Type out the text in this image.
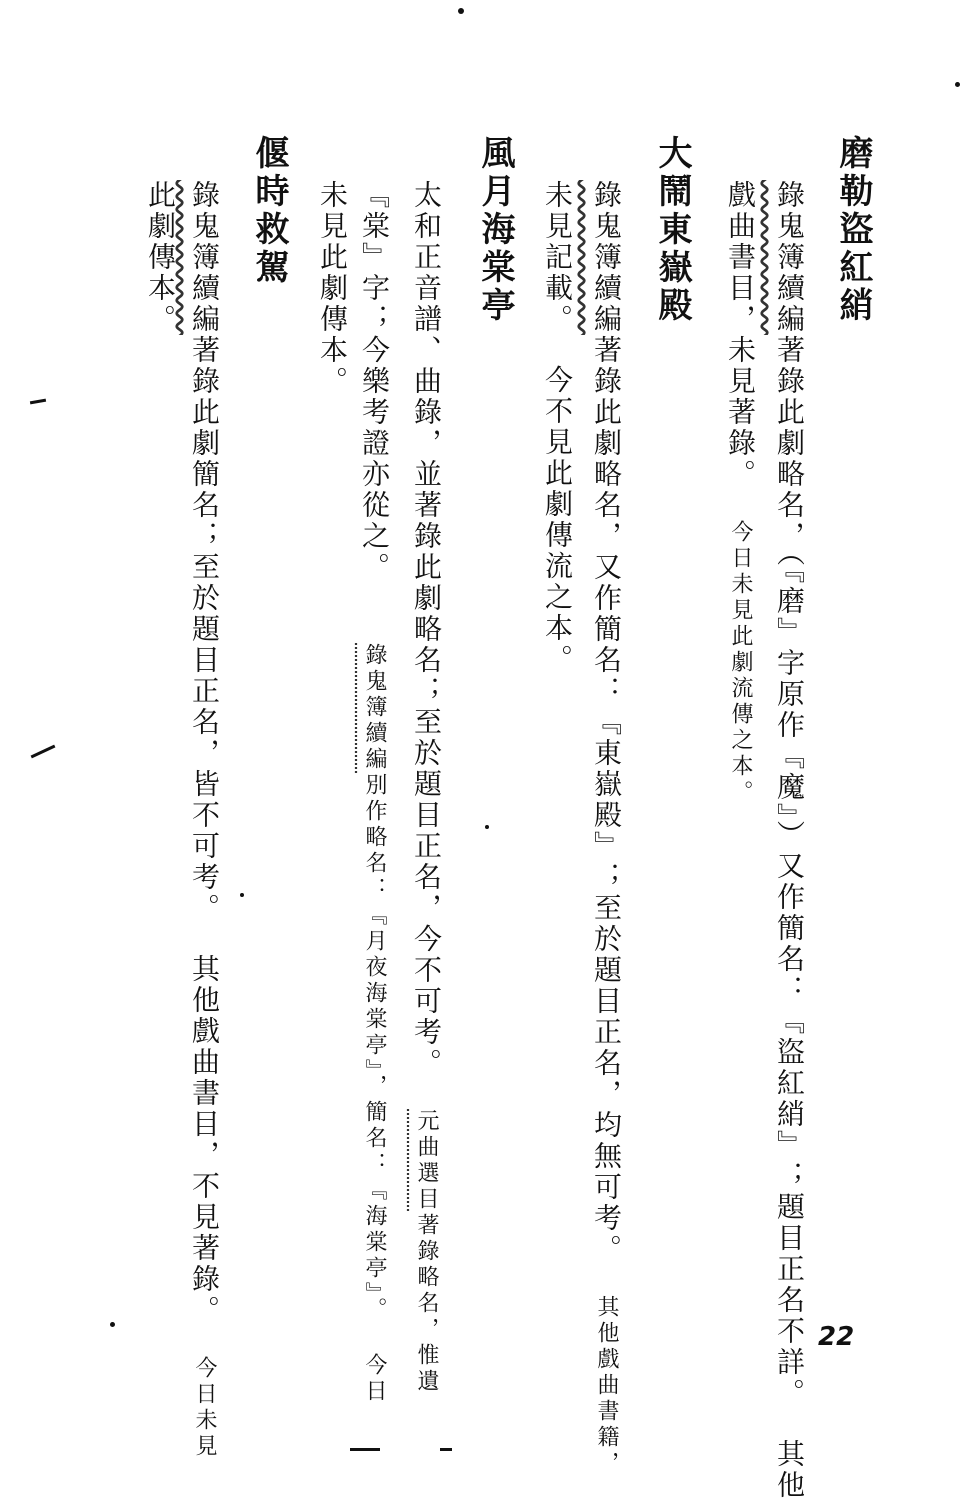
磨勒盜紅綃
錄鬼簿續編著錄此劇略名，（『磨』字原作『魔』）又作簡名：『盜紅綃』；題目正名不詳。其他
戲曲書目，未見著錄。今日未見此劇流傳之本。
大鬧東嶽殿
錄鬼簿續編著錄此劇略名，又作簡名：『東嶽殿』；至於題目正名，均無可考。其他戲曲書籍，
未見記載。今不見此劇傳流之本。
風月海棠亭
太和正音譜、曲錄，並著錄此劇略名；至於題目正名，今不可考。元曲選目著錄略名，惟遺
『棠』字；今樂考證亦從之。錄鬼簿續編別作略名：『月夜海棠亭』，簡名：『海棠亭』。今日
未見此劇傳本。
偃時救駕
錄鬼簿續編著錄此劇簡名；至於題目正名，皆不可考。其他戲曲書目，不見著錄。今日未見
此劇傳本。
22
